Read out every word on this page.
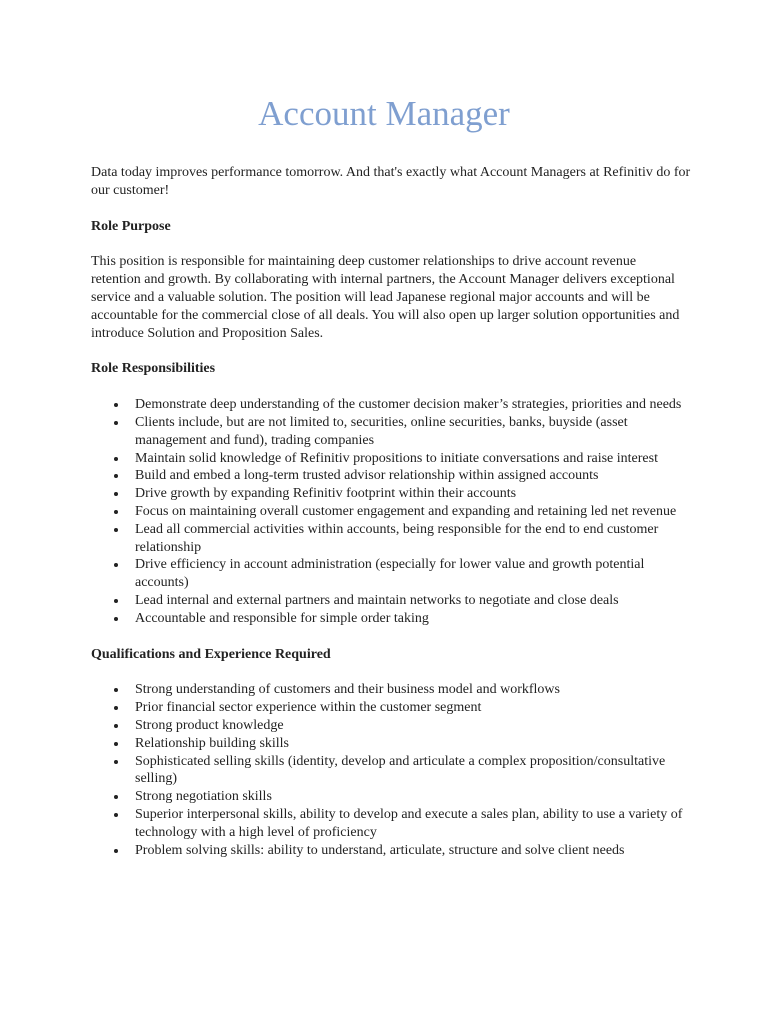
Account Manager

Data today improves performance tomorrow. And that's exactly what Account Managers at Refinitiv do for our customer!

Role Purpose

This position is responsible for maintaining deep customer relationships to drive account revenue retention and growth. By collaborating with internal partners, the Account Manager delivers exceptional service and a valuable solution. The position will lead Japanese regional major accounts and will be accountable for the commercial close of all deals. You will also open up larger solution opportunities and introduce Solution and Proposition Sales.

Role Responsibilities

Demonstrate deep understanding of the customer decision maker’s strategies, priorities and needs
Clients include, but are not limited to, securities, online securities, banks, buyside (asset management and fund), trading companies
Maintain solid knowledge of Refinitiv propositions to initiate conversations and raise interest
Build and embed a long-term trusted advisor relationship within assigned accounts
Drive growth by expanding Refinitiv footprint within their accounts
Focus on maintaining overall customer engagement and expanding and retaining led net revenue
Lead all commercial activities within accounts, being responsible for the end to end customer relationship
Drive efficiency in account administration (especially for lower value and growth potential accounts)
Lead internal and external partners and maintain networks to negotiate and close deals
Accountable and responsible for simple order taking

Qualifications and Experience Required

Strong understanding of customers and their business model and workflows
Prior financial sector experience within the customer segment
Strong product knowledge
Relationship building skills
Sophisticated selling skills (identity, develop and articulate a complex proposition/consultative selling)
Strong negotiation skills
Superior interpersonal skills, ability to develop and execute a sales plan, ability to use a variety of technology with a high level of proficiency
Problem solving skills: ability to understand, articulate, structure and solve client needs
